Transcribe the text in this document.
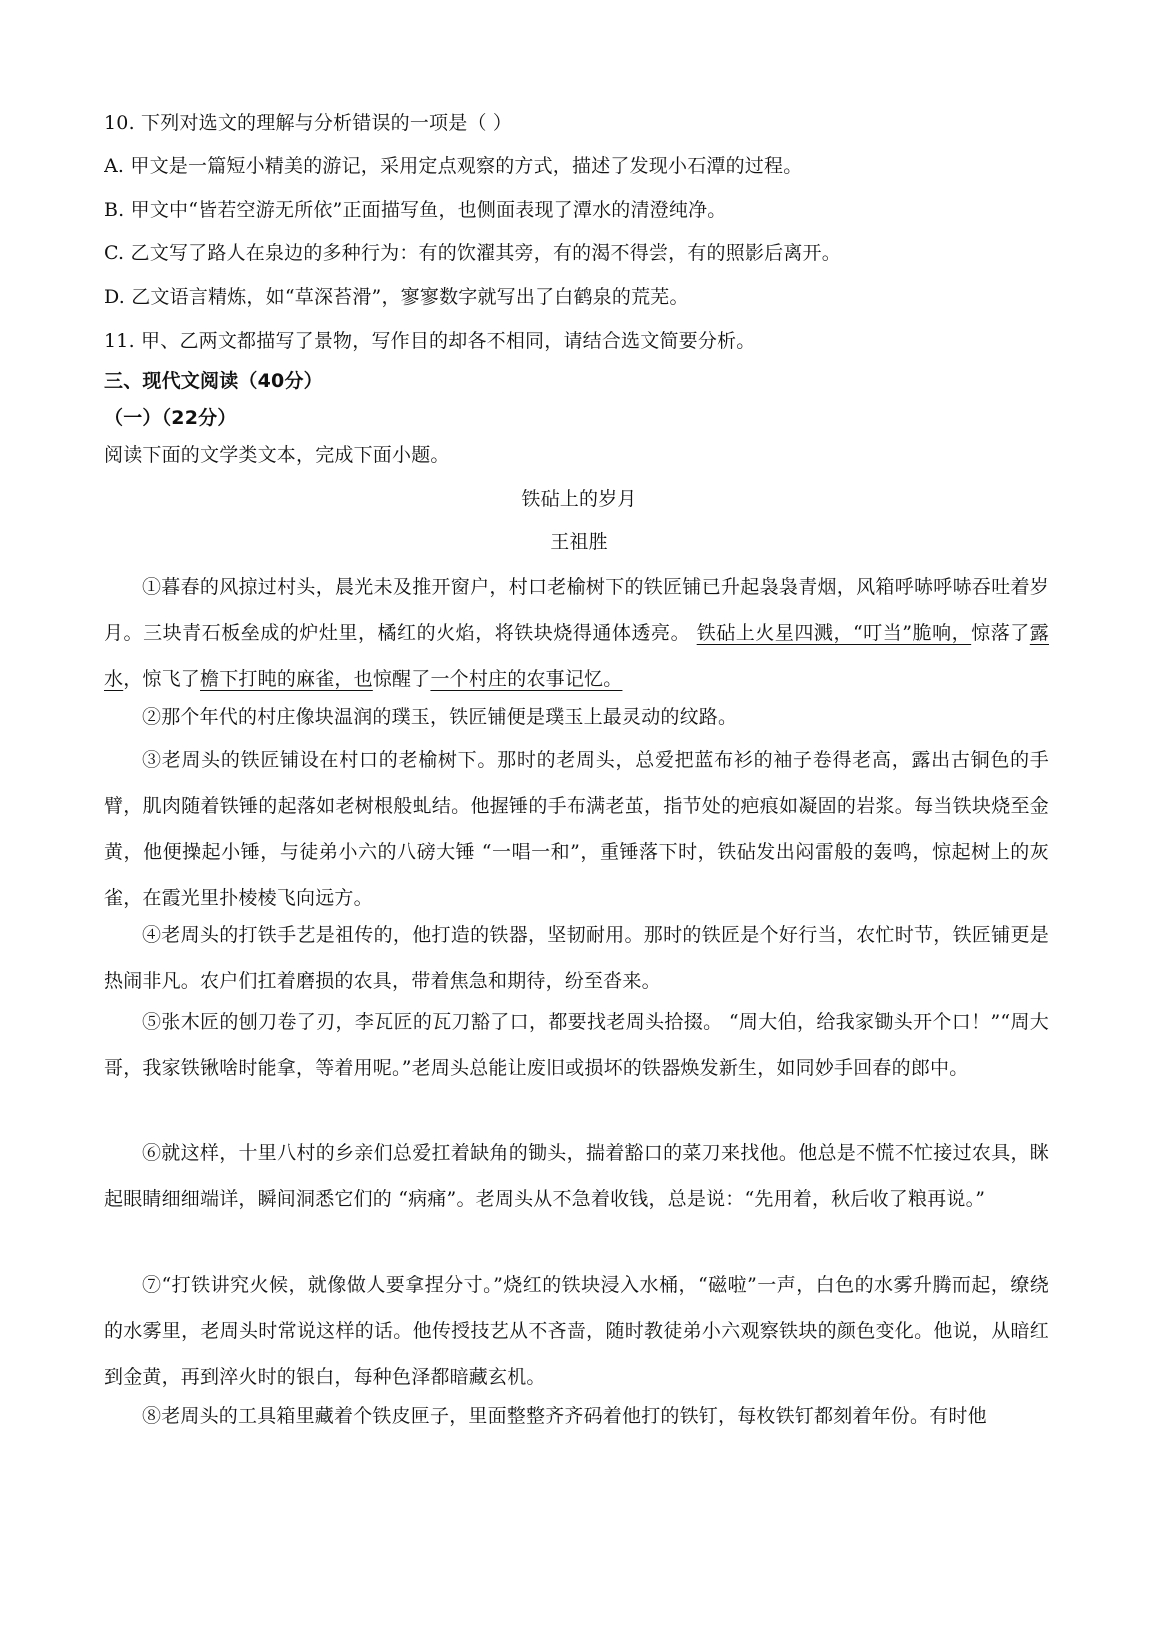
10. 下列对选文的理解与分析错误的一项是（ ）
A. 甲文是一篇短小精美的游记，采用定点观察的方式，描述了发现小石潭的过程。
B. 甲文中“皆若空游无所依”正面描写鱼，也侧面表现了潭水的清澄纯净。
C. 乙文写了路人在泉边的多种行为：有的饮濯其旁，有的渴不得尝，有的照影后离开。
D. 乙文语言精炼，如“草深苔滑”，寥寥数字就写出了白鹤泉的荒芜。
11. 甲、乙两文都描写了景物，写作目的却各不相同，请结合选文简要分析。
三、现代文阅读（40分）
（一）（22分）
阅读下面的文学类文本，完成下面小题。
铁砧上的岁月
王祖胜
①暮春的风掠过村头，晨光未及推开窗户，村口老榆树下的铁匠铺已升起袅袅青烟，风箱呼哧呼哧吞吐着岁月。三块青石板垒成的炉灶里，橘红的火焰，将铁块烧得通体透亮。 铁砧上火星四溅，“叮当”脆响，惊落了露水，惊飞了檐下打盹的麻雀，也惊醒了一个村庄的农事记忆。
②那个年代的村庄像块温润的璞玉，铁匠铺便是璞玉上最灵动的纹路。
③老周头的铁匠铺设在村口的老榆树下。那时的老周头，总爱把蓝布衫的袖子卷得老高，露出古铜色的手臂，肌肉随着铁锤的起落如老树根般虬结。他握锤的手布满老茧，指节处的疤痕如凝固的岩浆。每当铁块烧至金黄，他便操起小锤，与徒弟小六的八磅大锤 “一唱一和”，重锤落下时，铁砧发出闷雷般的轰鸣，惊起树上的灰雀，在霞光里扑棱棱飞向远方。
④老周头的打铁手艺是祖传的，他打造的铁器，坚韧耐用。那时的铁匠是个好行当，农忙时节，铁匠铺更是热闹非凡。农户们扛着磨损的农具，带着焦急和期待，纷至沓来。
⑤张木匠的刨刀卷了刃，李瓦匠的瓦刀豁了口，都要找老周头拾掇。 “周大伯，给我家锄头开个口！”“周大哥，我家铁锹啥时能拿，等着用呢。”老周头总能让废旧或损坏的铁器焕发新生，如同妙手回春的郎中。
⑥就这样，十里八村的乡亲们总爱扛着缺角的锄头，揣着豁口的菜刀来找他。他总是不慌不忙接过农具，眯起眼睛细细端详，瞬间洞悉它们的 “病痛”。老周头从不急着收钱，总是说：“先用着，秋后收了粮再说。”
⑦“打铁讲究火候，就像做人要拿捏分寸。”烧红的铁块浸入水桶，“磁啦”一声，白色的水雾升腾而起，缭绕的水雾里，老周头时常说这样的话。他传授技艺从不吝啬，随时教徒弟小六观察铁块的颜色变化。他说，从暗红到金黄，再到淬火时的银白，每种色泽都暗藏玄机。
⑧老周头的工具箱里藏着个铁皮匣子，里面整整齐齐码着他打的铁钉，每枚铁钉都刻着年份。有时他
